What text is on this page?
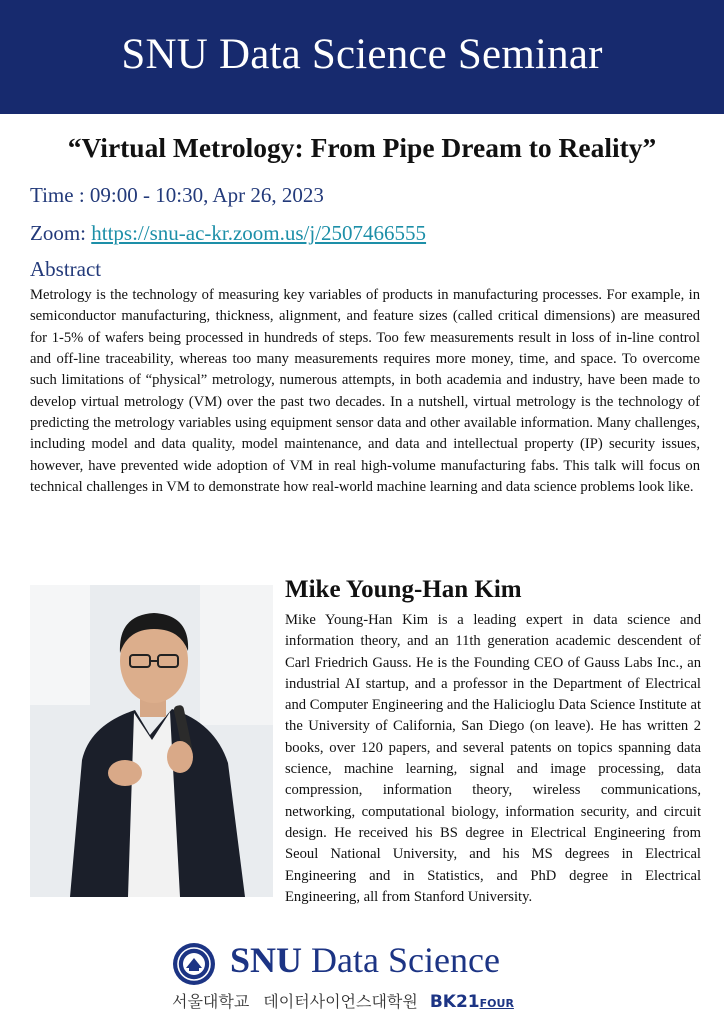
SNU Data Science Seminar
“Virtual Metrology: From Pipe Dream to Reality”
Time : 09:00 - 10:30, Apr 26, 2023
Zoom: https://snu-ac-kr.zoom.us/j/2507466555
Abstract

Metrology is the technology of measuring key variables of products in manufacturing processes. For example, in semiconductor manufacturing, thickness, alignment, and feature sizes (called critical dimensions) are measured for 1-5% of wafers being processed in hundreds of steps. Too few measurements result in loss of in-line control and off-line traceability, whereas too many measurements requires more money, time, and space. To overcome such limitations of “physical” metrology, numerous attempts, in both academia and industry, have been made to develop virtual metrology (VM) over the past two decades. In a nutshell, virtual metrology is the technology of predicting the metrology variables using equipment sensor data and other available information. Many challenges, including model and data quality, model maintenance, and data and intellectual property (IP) security issues, however, have prevented wide adoption of VM in real high-volume manufacturing fabs. This talk will focus on technical challenges in VM to demonstrate how real-world machine learning and data science problems look like.

Mike Young-Han Kim

Mike Young-Han Kim is a leading expert in data science and information theory, and an 11th generation academic descendent of Carl Friedrich Gauss. He is the Founding CEO of Gauss Labs Inc., an industrial AI startup, and a professor in the Department of Electrical and Computer Engineering and the Halicioglu Data Science Institute at the University of California, San Diego (on leave). He has written 2 books, over 120 papers, and several patents on topics spanning data science, machine learning, signal and image processing, data compression, information theory, wireless communications, networking, computational biology, information security, and circuit design. He received his BS degree in Electrical Engineering from Seoul National University, and his MS degrees in Electrical Engineering and in Statistics, and PhD degree in Electrical Engineering, all from Stanford University.

SNU Data Science
서울대학교 데이터사이언스대학원 BK21FOUR
